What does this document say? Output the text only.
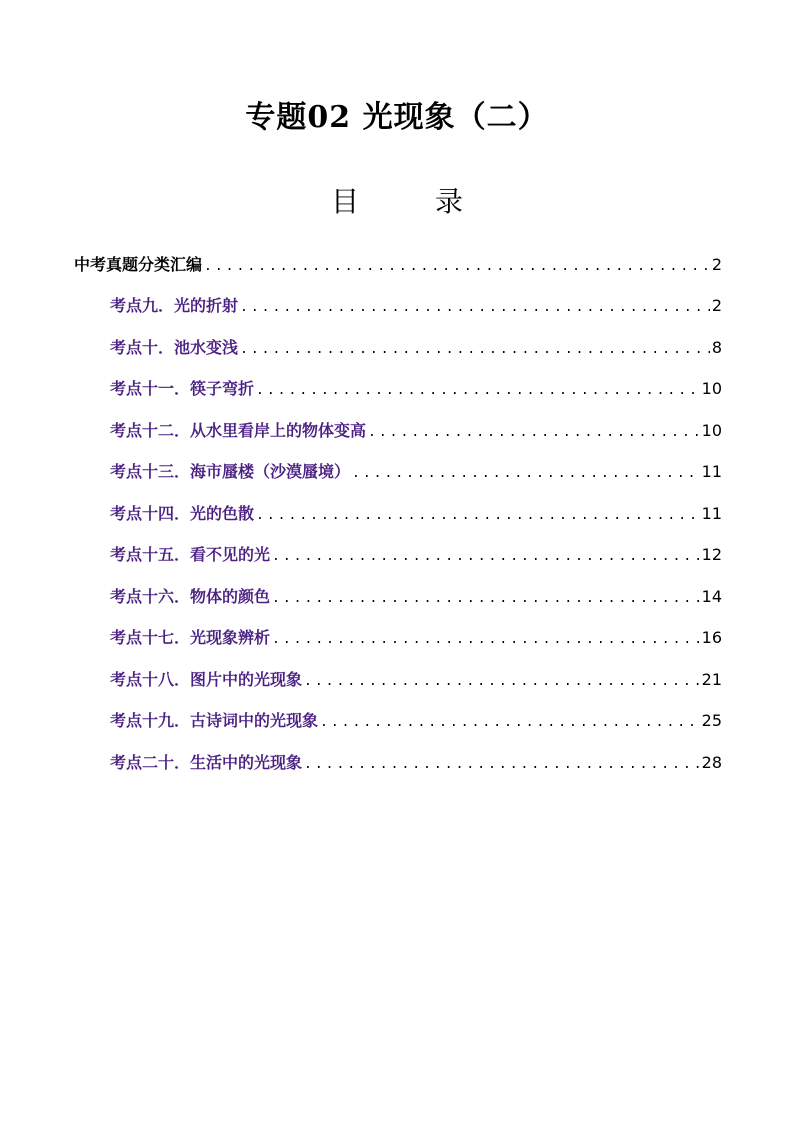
专题02 光现象（二）
目　录
中考真题分类汇编 .....	2
考点九．光的折射 .....	2
考点十．池水变浅 .....	8
考点十一．筷子弯折 .....	10
考点十二．从水里看岸上的物体变高 .....	10
考点十三．海市蜃楼（沙漠蜃境） .....	11
考点十四．光的色散 .....	11
考点十五．看不见的光 .....	12
考点十六．物体的颜色 .....	14
考点十七．光现象辨析 .....	16
考点十八．图片中的光现象 .....	21
考点十九．古诗词中的光现象 .....	25
考点二十．生活中的光现象 .....	28
